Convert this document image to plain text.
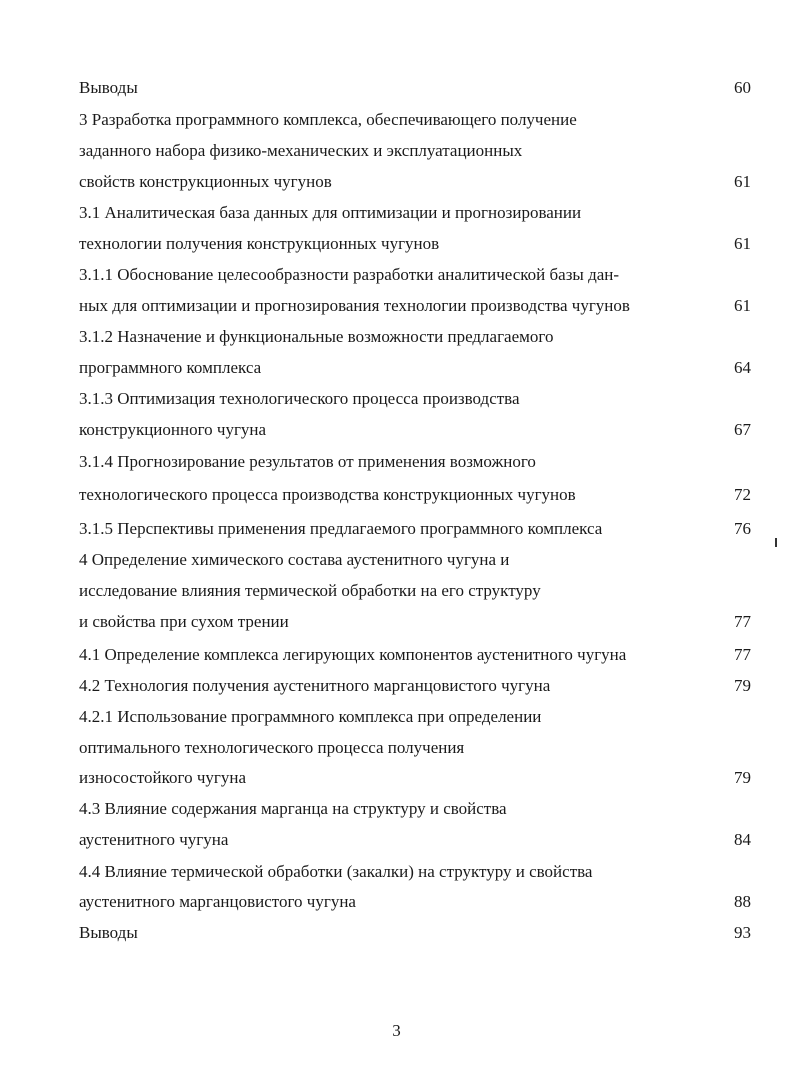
Выводы	60
3 Разработка программного комплекса, обеспечивающего получение
заданного набора физико-механических и эксплуатационных
свойств конструкционных чугунов	61
3.1 Аналитическая база данных для оптимизации и прогнозировании
технологии получения конструкционных чугунов	61
3.1.1 Обоснование целесообразности разработки аналитической базы дан-
ных для оптимизации и прогнозирования технологии производства чугунов	61
3.1.2 Назначение и функциональные возможности предлагаемого
программного комплекса	64
3.1.3 Оптимизация технологического процесса производства
конструкционного чугуна	67
3.1.4 Прогнозирование результатов от применения возможного
технологического процесса производства конструкционных чугунов	72
3.1.5 Перспективы применения предлагаемого программного комплекса	76
4 Определение химического состава аустенитного чугуна и
исследование влияния термической обработки на его структуру
и свойства при сухом трении	77
4.1 Определение комплекса легирующих компонентов аустенитного чугуна	77
4.2 Технология получения аустенитного марганцовистого чугуна	79
4.2.1 Использование программного комплекса при определении
оптимального технологического процесса получения
износостойкого чугуна	79
4.3 Влияние содержания марганца на структуру и свойства
аустенитного чугуна	84
4.4 Влияние термической обработки (закалки) на структуру и свойства
аустенитного марганцовистого чугуна	88
Выводы	93
3
